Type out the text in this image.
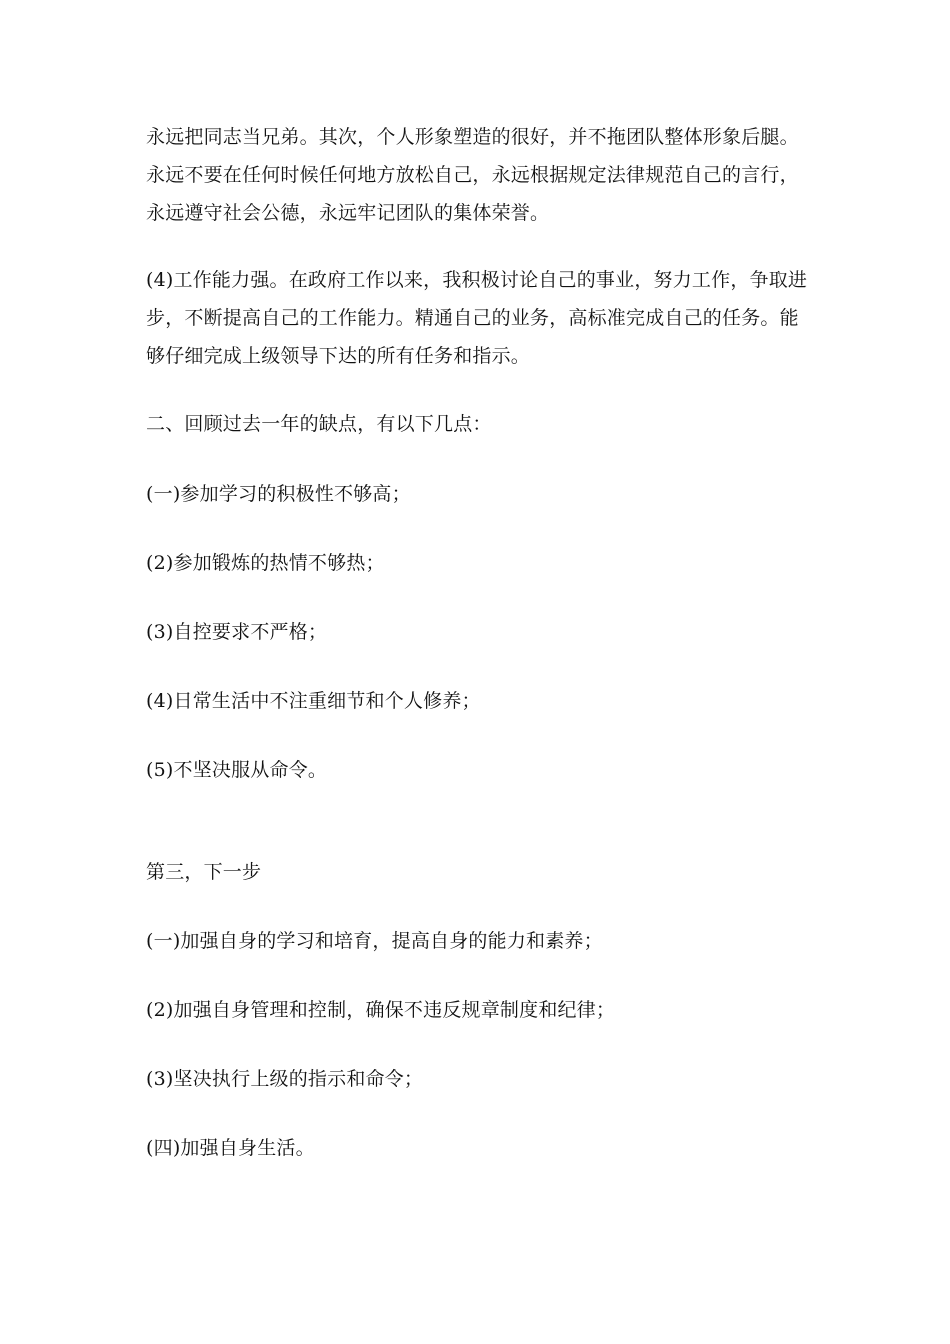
永远把同志当兄弟。其次，个人形象塑造的很好，并不拖团队整体形象后腿。
永远不要在任何时候任何地方放松自己，永远根据规定法律规范自己的言行，
永远遵守社会公德，永远牢记团队的集体荣誉。
(4)工作能力强。在政府工作以来，我积极讨论自己的事业，努力工作，争取进
步，不断提高自己的工作能力。精通自己的业务，高标准完成自己的任务。能
够仔细完成上级领导下达的所有任务和指示。
二、回顾过去一年的缺点，有以下几点：
(一)参加学习的积极性不够高；
(2)参加锻炼的热情不够热；
(3)自控要求不严格；
(4)日常生活中不注重细节和个人修养；
(5)不坚决服从命令。
第三，下一步
(一)加强自身的学习和培育，提高自身的能力和素养；
(2)加强自身管理和控制，确保不违反规章制度和纪律；
(3)坚决执行上级的指示和命令；
(四)加强自身生活。
